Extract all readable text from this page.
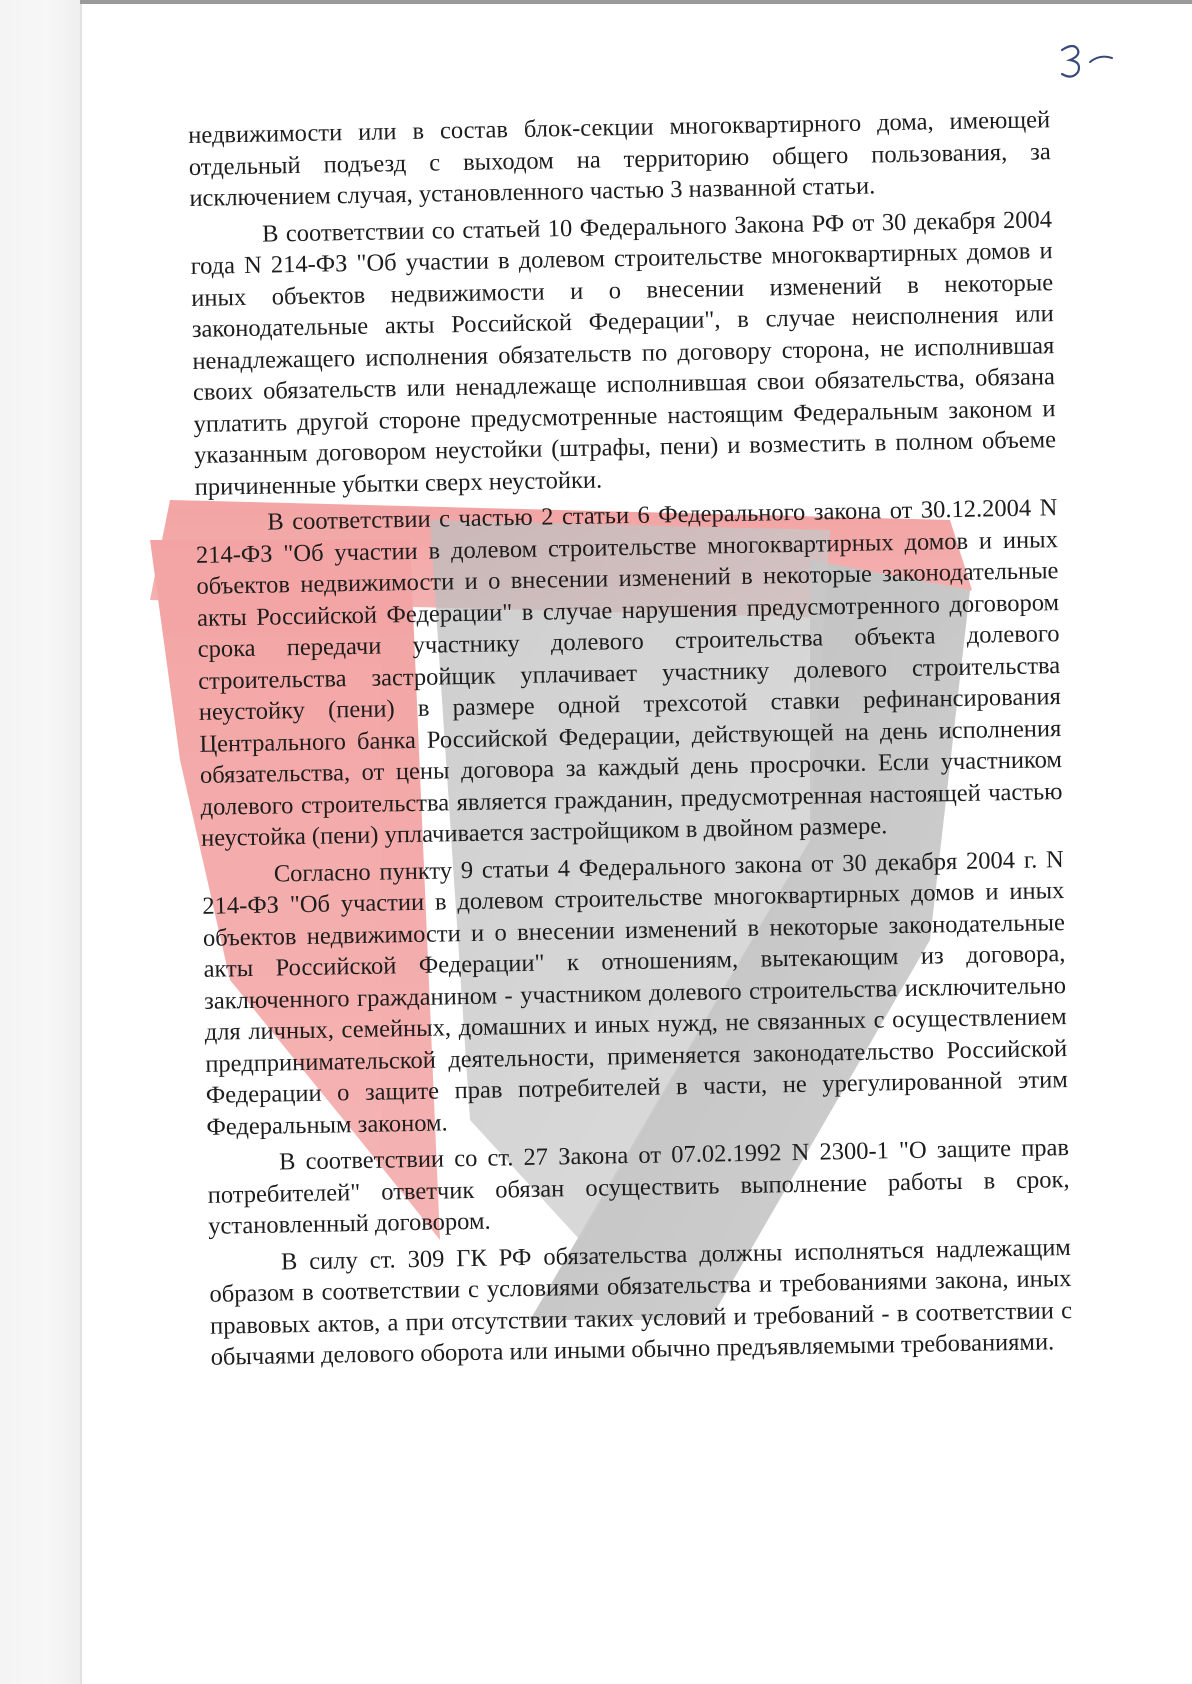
недвижимости или в состав блок-секции многоквартирного дома, имеющей отдельный подъезд с выходом на территорию общего пользования, за исключением случая, установленного частью 3 названной статьи.

В соответствии со статьей 10 Федерального Закона РФ от 30 декабря 2004 года N 214-ФЗ "Об участии в долевом строительстве многоквартирных домов и иных объектов недвижимости и о внесении изменений в некоторые законодательные акты Российской Федерации", в случае неисполнения или ненадлежащего исполнения обязательств по договору сторона, не исполнившая своих обязательств или ненадлежаще исполнившая свои обязательства, обязана уплатить другой стороне предусмотренные настоящим Федеральным законом и указанным договором неустойки (штрафы, пени) и возместить в полном объеме причиненные убытки сверх неустойки.

В соответствии с частью 2 статьи 6 Федерального закона от 30.12.2004 N 214-ФЗ "Об участии в долевом строительстве многоквартирных домов и иных объектов недвижимости и о внесении изменений в некоторые законодательные акты Российской Федерации" в случае нарушения предусмотренного договором срока передачи участнику долевого строительства объекта долевого строительства застройщик уплачивает участнику долевого строительства неустойку (пени) в размере одной трехсотой ставки рефинансирования Центрального банка Российской Федерации, действующей на день исполнения обязательства, от цены договора за каждый день просрочки. Если участником долевого строительства является гражданин, предусмотренная настоящей частью неустойка (пени) уплачивается застройщиком в двойном размере.

Согласно пункту 9 статьи 4 Федерального закона от 30 декабря 2004 г. N 214-ФЗ "Об участии в долевом строительстве многоквартирных домов и иных объектов недвижимости и о внесении изменений в некоторые законодательные акты Российской Федерации" к отношениям, вытекающим из договора, заключенного гражданином - участником долевого строительства исключительно для личных, семейных, домашних и иных нужд, не связанных с осуществлением предпринимательской деятельности, применяется законодательство Российской Федерации о защите прав потребителей в части, не урегулированной этим Федеральным законом.

В соответствии со ст. 27 Закона от 07.02.1992 N 2300-1 "О защите прав потребителей" ответчик обязан осуществить выполнение работы в срок, установленный договором.

В силу ст. 309 ГК РФ обязательства должны исполняться надлежащим образом в соответствии с условиями обязательства и требованиями закона, иных правовых актов, а при отсутствии таких условий и требований - в соответствии с обычаями делового оборота или иными обычно предъявляемыми требованиями.
